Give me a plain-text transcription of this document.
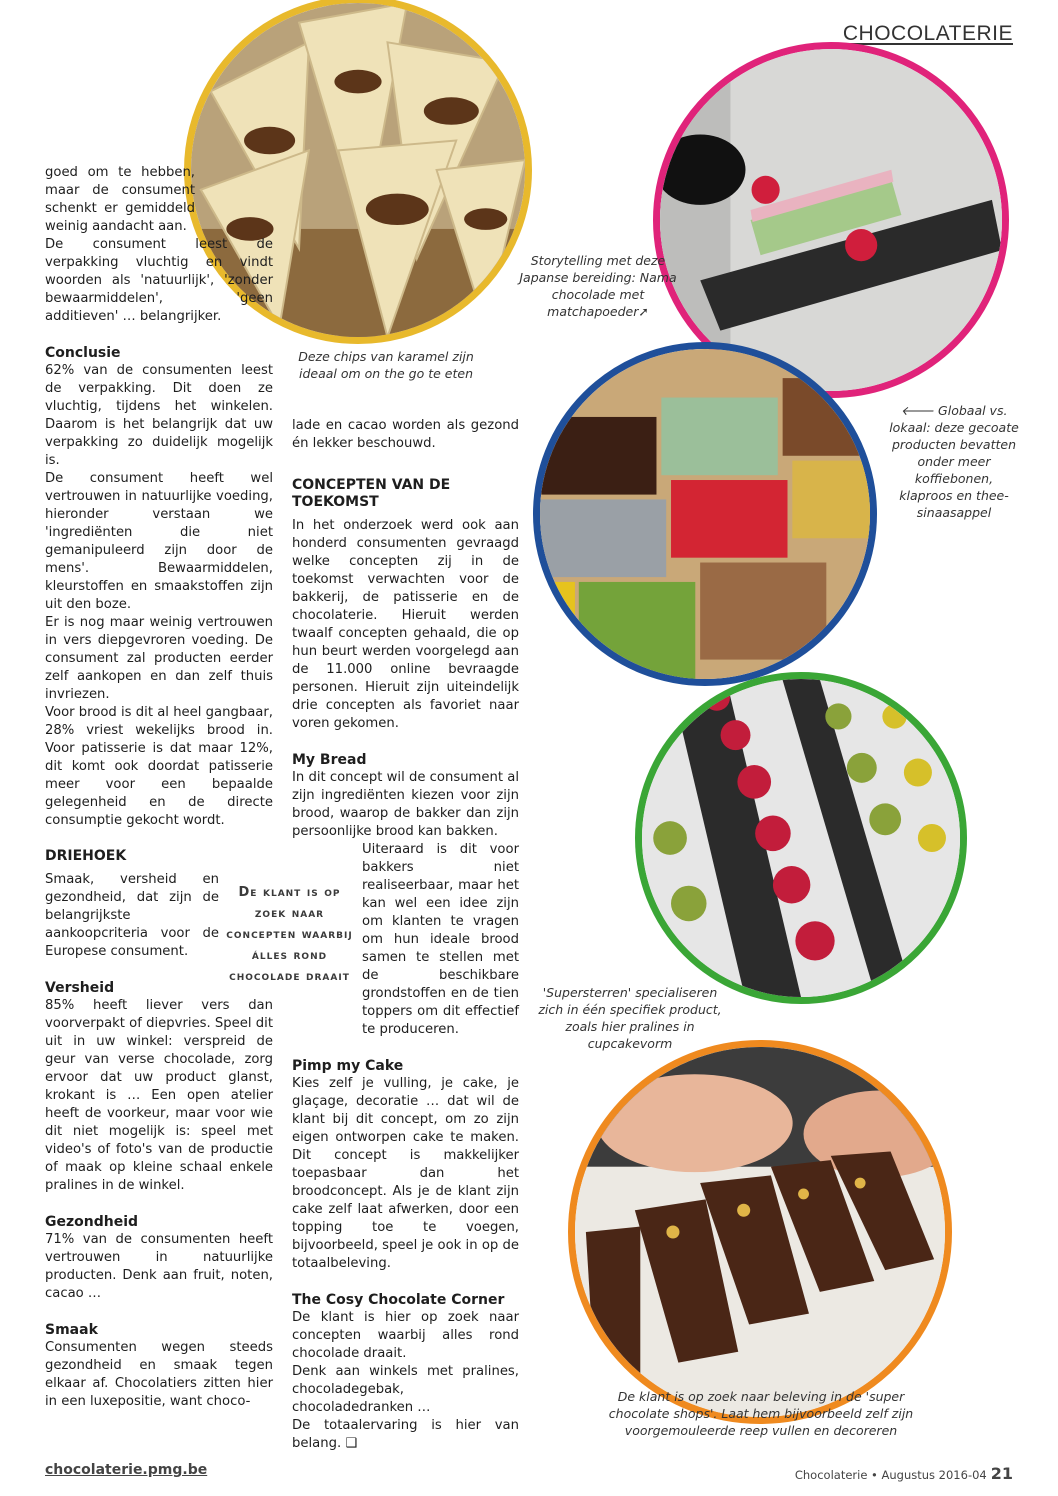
CHOCOLATERIE
Deze chips van karamel zijn ideaal om on the go te eten
Storytelling met deze Japanse bereiding: Nama chocolade met matchapoeder➚
🡐 Globaal vs. lokaal: deze gecoate producten bevatten onder meer koffiebonen, klaproos en thee-sinaasappel
'Supersterren' specialiseren zich in één specifiek product, zoals hier pralines in cupcakevorm
De klant is op zoek naar beleving in de 'super chocolate shops'. Laat hem bijvoorbeeld zelf zijn voorgemouleerde reep vullen en decoreren

goed om te hebben, maar de consument schenkt er gemiddeld weinig aandacht aan.

De consument leest de verpakking vluchtig en vindt woorden als 'natuurlijk', 'zonder bewaarmiddelen', 'geen additieven' … belangrijker.

Conclusie

62% van de consumenten leest de verpakking. Dit doen ze vluchtig, tijdens het winkelen. Daarom is het belangrijk dat uw verpakking zo duidelijk mogelijk is.

De consument heeft wel vertrouwen in natuurlijke voeding, hieronder verstaan we 'ingrediënten die niet gemanipuleerd zijn door de mens'. Bewaarmiddelen, kleurstoffen en smaakstoffen zijn uit den boze.

Er is nog maar weinig vertrouwen in vers diepgevroren voeding. De consument zal producten eerder zelf aankopen en dan zelf thuis invriezen.

Voor brood is dit al heel gangbaar, 28% vriest wekelijks brood in. Voor patisserie is dat maar 12%, dit komt ook doordat patisserie meer voor een bepaalde gelegenheid en de directe consumptie gekocht wordt.

DRIEHOEK

Smaak, versheid en gezondheid, dat zijn de belangrijkste aankoopcriteria voor de Europese consument.

Versheid

85% heeft liever vers dan voorverpakt of diepvries. Speel dit uit in uw winkel: verspreid de geur van verse chocolade, zorg ervoor dat uw product glanst, krokant is … Een open atelier heeft de voorkeur, maar voor wie dit niet mogelijk is: speel met video's of foto's van de productie of maak op kleine schaal enkele pralines in de winkel.

Gezondheid

71% van de consumenten heeft vertrouwen in natuurlijke producten. Denk aan fruit, noten, cacao …

Smaak

Consumenten wegen steeds gezondheid en smaak tegen elkaar af. Chocolatiers zitten hier in een luxepositie, want choco-

lade en cacao worden als gezond én lekker beschouwd.

CONCEPTEN VAN DE TOEKOMST

In het onderzoek werd ook aan honderd consumenten gevraagd welke concepten zij in de toekomst verwachten voor de bakkerij, de patisserie en de chocolaterie. Hieruit werden twaalf concepten gehaald, die op hun beurt werden voorgelegd aan de 11.000 online bevraagde personen. Hieruit zijn uiteindelijk drie concepten als favoriet naar voren gekomen.

My Bread

In dit concept wil de consument al zijn ingrediënten kiezen voor zijn brood, waarop de bakker dan zijn persoonlijke brood kan bakken.

Uiteraard is dit voor bakkers niet realiseerbaar, maar het kan wel een idee zijn om klanten te vragen om hun ideale brood samen te stellen met de beschikbare grondstoffen en de tien toppers om dit effectief te produceren.

Pimp my Cake

Kies zelf je vulling, je cake, je glaçage, decoratie … dat wil de klant bij dit concept, om zo zijn eigen ontworpen cake te maken. Dit concept is makkelijker toepasbaar dan het broodconcept. Als je de klant zijn cake zelf laat afwerken, door een topping toe te voegen, bijvoorbeeld, speel je ook in op de totaalbeleving.

The Cosy Chocolate Corner

De klant is hier op zoek naar concepten waarbij alles rond chocolade draait.

Denk aan winkels met pralines, chocoladegebak, chocoladedranken …

De totaalervaring is hier van belang. ❑

De klant is op zoek naar concepten waarbij álles rond chocolade draait
chocolaterie.pmg.be	Chocolaterie • Augustus 2016-04 21
